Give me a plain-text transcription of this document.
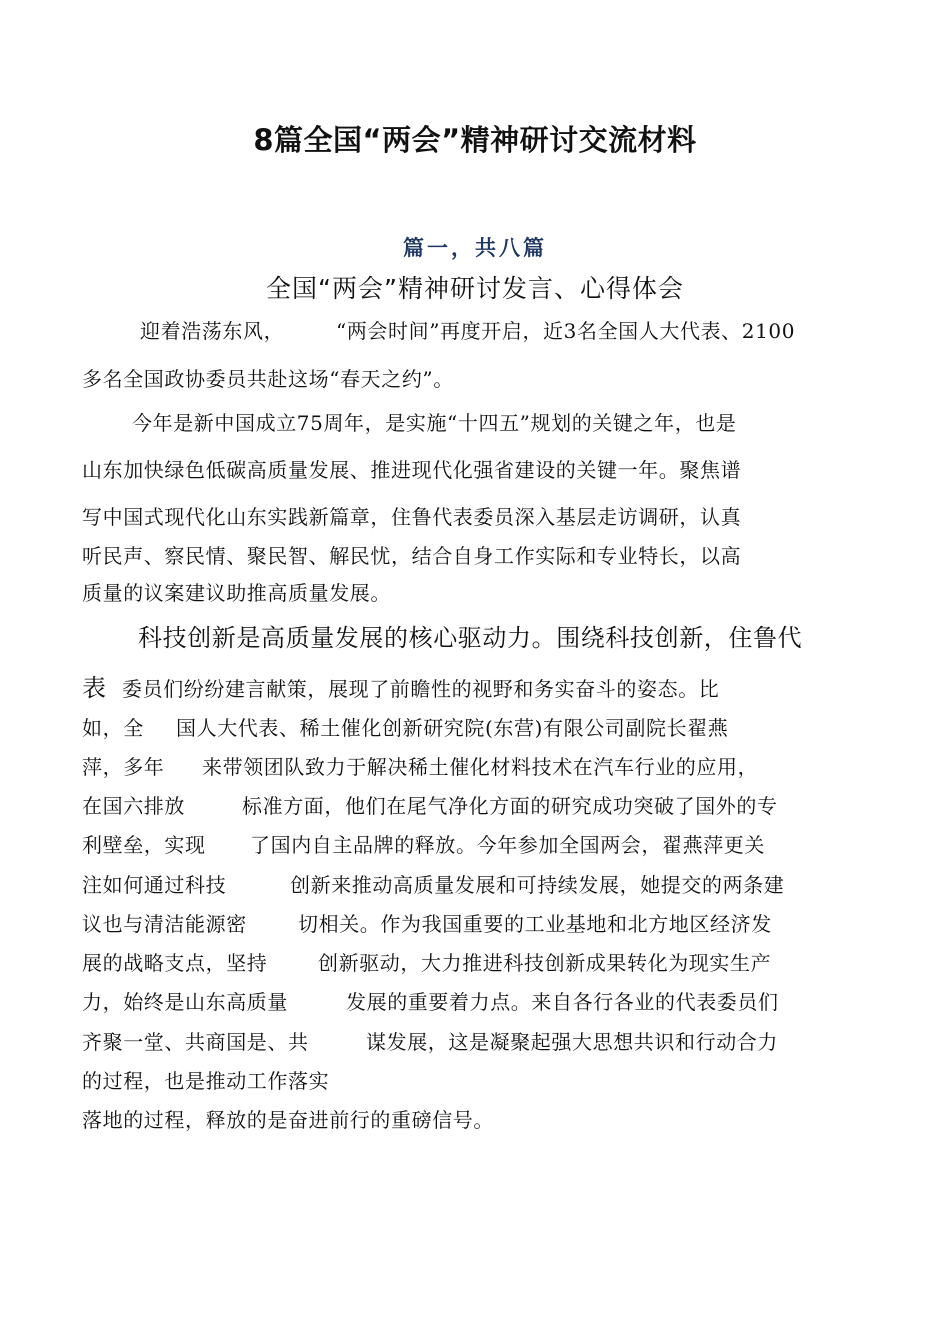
8篇全国“两会”精神研讨交流材料
篇一，共八篇
全国“两会”精神研讨发言、心得体会
迎着浩荡东风，	“两会时间”再度开启，近3名全国人大代表、2100
多名全国政协委员共赴这场“春天之约”。
今年是新中国成立75周年，是实施“十四五”规划的关键之年，也是
山东加快绿色低碳高质量发展、推进现代化强省建设的关键一年。聚焦谱
写中国式现代化山东实践新篇章，住鲁代表委员深入基层走访调研，认真
听民声、察民情、聚民智、解民忧，结合自身工作实际和专业特长，以高
质量的议案建议助推高质量发展。
科技创新是高质量发展的核心驱动力。围绕科技创新，住鲁代
表 委员们纷纷建言献策，展现了前瞻性的视野和务实奋斗的姿态。比
如，全 国人大代表、稀土催化创新研究院(东营)有限公司副院长翟燕
萍，多年 来带领团队致力于解决稀土催化材料技术在汽车行业的应用，
在国六排放	标准方面，他们在尾气净化方面的研究成功突破了国外的专
利壁垒，实现 了国内自主品牌的释放。今年参加全国两会，翟燕萍更关
注如何通过科技	创新来推动高质量发展和可持续发展，她提交的两条建
议也与清洁能源密	切相关。作为我国重要的工业基地和北方地区经济发
展的战略支点，坚持	创新驱动，大力推进科技创新成果转化为现实生产
力，始终是山东高质量	发展的重要着力点。来自各行各业的代表委员们
齐聚一堂、共商国是、共	谋发展，这是凝聚起强大思想共识和行动合力
的过程，也是推动工作落实
落地的过程，释放的是奋进前行的重磅信号。
